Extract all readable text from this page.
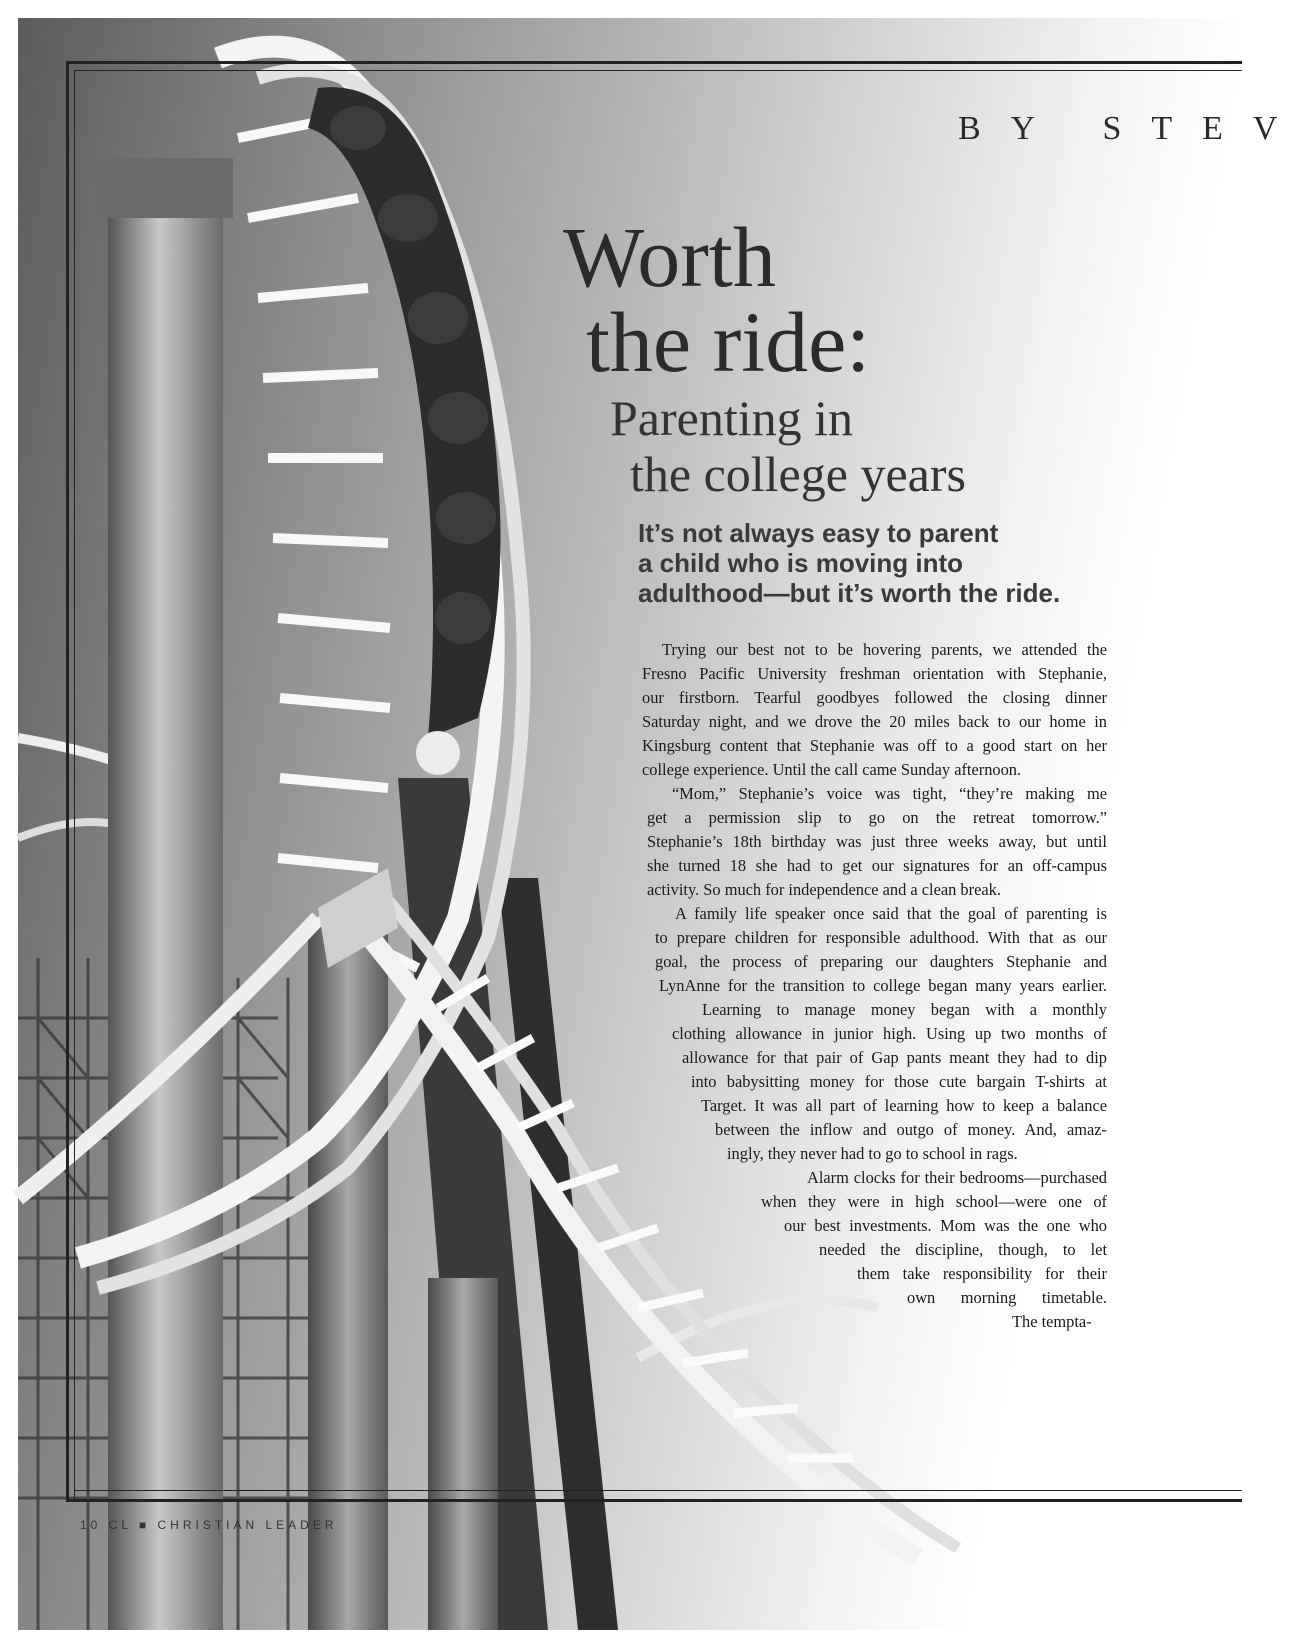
BY STEV
Worth
the ride:
Parenting in
the college years
It’s not always easy to parent
a child who is moving into
adulthood—but it’s worth the ride.
Trying our best not to be hovering parents, we attended the
Fresno Pacific University freshman orientation with Stephanie,
our firstborn. Tearful goodbyes followed the closing dinner
Saturday night, and we drove the 20 miles back to our home in
Kingsburg content that Stephanie was off to a good start on her
college experience. Until the call came Sunday afternoon.
“Mom,” Stephanie’s voice was tight, “they’re making me
get a permission slip to go on the retreat tomorrow.”
Stephanie’s 18th birthday was just three weeks away, but until
she turned 18 she had to get our signatures for an off-campus
activity. So much for independence and a clean break.
A family life speaker once said that the goal of parenting is
to prepare children for responsible adulthood. With that as our
goal, the process of preparing our daughters Stephanie and
LynAnne for the transition to college began many years earlier.
Learning to manage money began with a monthly
clothing allowance in junior high. Using up two months of
allowance for that pair of Gap pants meant they had to dip
into babysitting money for those cute bargain T-shirts at
Target. It was all part of learning how to keep a balance
between the inflow and outgo of money. And, amaz-
ingly, they never had to go to school in rags.
Alarm clocks for their bedrooms—purchased
when they were in high school—were one of
our best investments. Mom was the one who
needed the discipline, though, to let
them take responsibility for their
own morning timetable.
The tempta-
10 CL ■ CHRISTIAN LEADER
